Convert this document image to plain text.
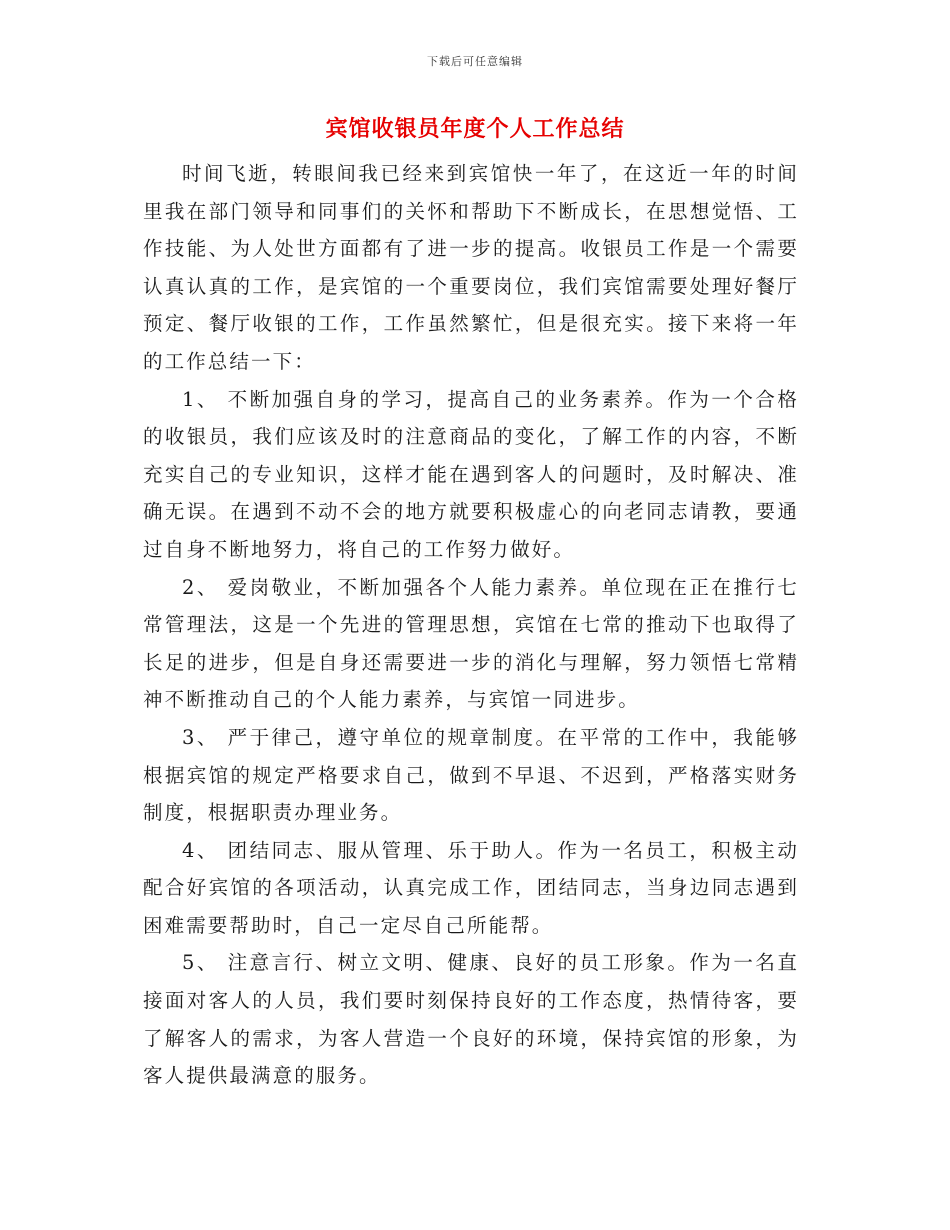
下载后可任意编辑
宾馆收银员年度个人工作总结

时间飞逝，转眼间我已经来到宾馆快一年了，在这近一年的时间里我在部门领导和同事们的关怀和帮助下不断成长，在思想觉悟、工作技能、为人处世方面都有了进一步的提高。收银员工作是一个需要认真认真的工作，是宾馆的一个重要岗位，我们宾馆需要处理好餐厅预定、餐厅收银的工作，工作虽然繁忙，但是很充实。接下来将一年的工作总结一下：

1、 不断加强自身的学习，提高自己的业务素养。作为一个合格的收银员，我们应该及时的注意商品的变化，了解工作的内容，不断充实自己的专业知识，这样才能在遇到客人的问题时，及时解决、准确无误。在遇到不动不会的地方就要积极虚心的向老同志请教，要通过自身不断地努力，将自己的工作努力做好。

2、 爱岗敬业，不断加强各个人能力素养。单位现在正在推行七常管理法，这是一个先进的管理思想，宾馆在七常的推动下也取得了长足的进步，但是自身还需要进一步的消化与理解，努力领悟七常精神不断推动自己的个人能力素养，与宾馆一同进步。

3、 严于律己，遵守单位的规章制度。在平常的工作中，我能够根据宾馆的规定严格要求自己，做到不早退、不迟到，严格落实财务制度，根据职责办理业务。

4、 团结同志、服从管理、乐于助人。作为一名员工，积极主动配合好宾馆的各项活动，认真完成工作，团结同志，当身边同志遇到困难需要帮助时，自己一定尽自己所能帮。

5、 注意言行、树立文明、健康、良好的员工形象。作为一名直接面对客人的人员，我们要时刻保持良好的工作态度，热情待客，要了解客人的需求，为客人营造一个良好的环境，保持宾馆的形象，为客人提供最满意的服务。
